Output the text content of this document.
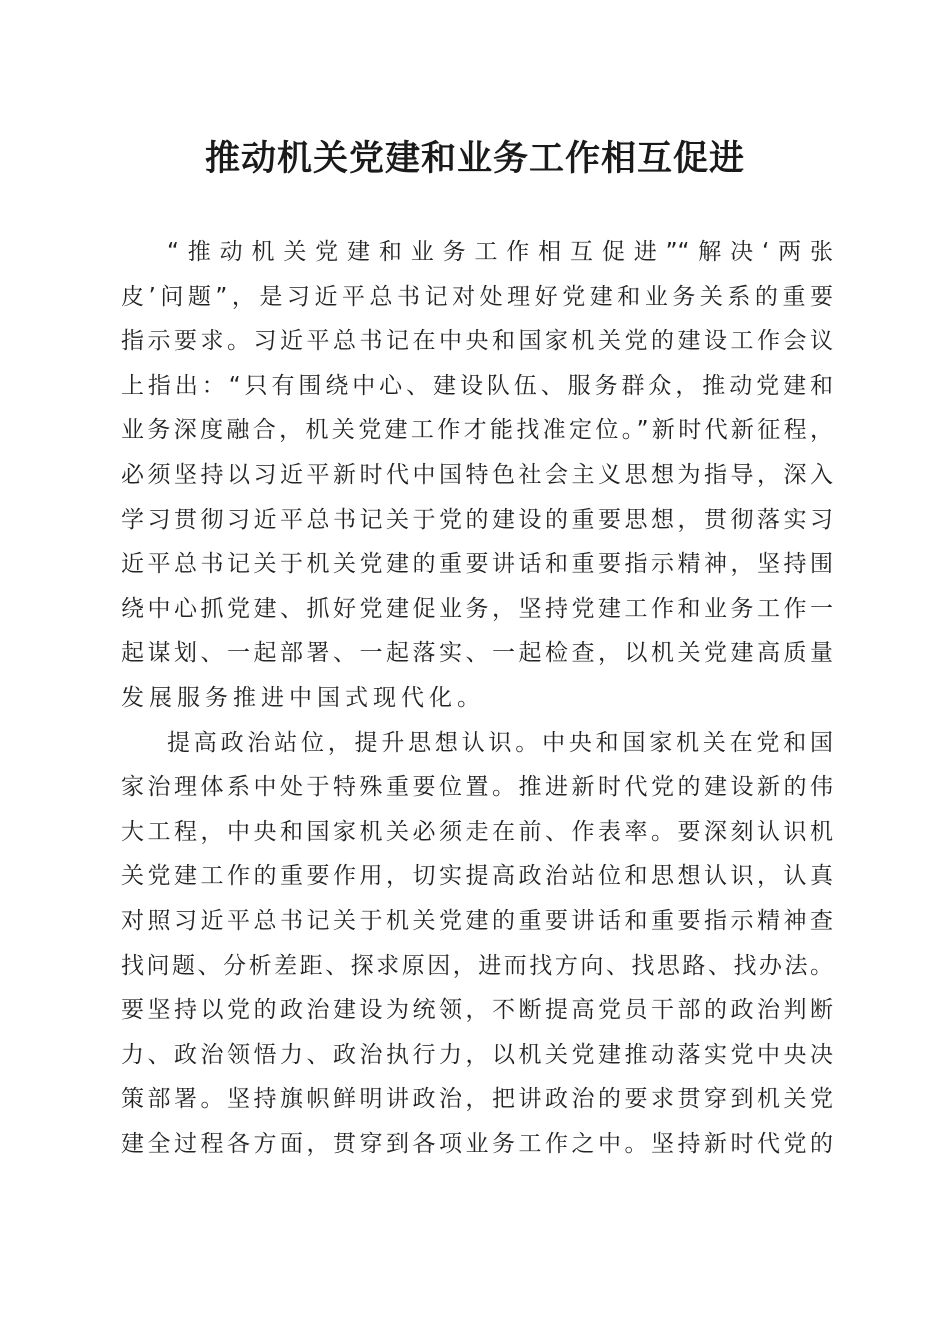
推动机关党建和业务工作相互促进
“推动机关党建和业务工作相互促进”“解决‘两张
皮’问题”，是习近平总书记对处理好党建和业务关系的重要
指示要求。习近平总书记在中央和国家机关党的建设工作会议
上指出：“只有围绕中心、建设队伍、服务群众，推动党建和
业务深度融合，机关党建工作才能找准定位。”新时代新征程，
必须坚持以习近平新时代中国特色社会主义思想为指导，深入
学习贯彻习近平总书记关于党的建设的重要思想，贯彻落实习
近平总书记关于机关党建的重要讲话和重要指示精神，坚持围
绕中心抓党建、抓好党建促业务，坚持党建工作和业务工作一
起谋划、一起部署、一起落实、一起检查，以机关党建高质量
发展服务推进中国式现代化。
提高政治站位，提升思想认识。中央和国家机关在党和国
家治理体系中处于特殊重要位置。推进新时代党的建设新的伟
大工程，中央和国家机关必须走在前、作表率。要深刻认识机
关党建工作的重要作用，切实提高政治站位和思想认识，认真
对照习近平总书记关于机关党建的重要讲话和重要指示精神查
找问题、分析差距、探求原因，进而找方向、找思路、找办法。
要坚持以党的政治建设为统领，不断提高党员干部的政治判断
力、政治领悟力、政治执行力，以机关党建推动落实党中央决
策部署。坚持旗帜鲜明讲政治，把讲政治的要求贯穿到机关党
建全过程各方面，贯穿到各项业务工作之中。坚持新时代党的
